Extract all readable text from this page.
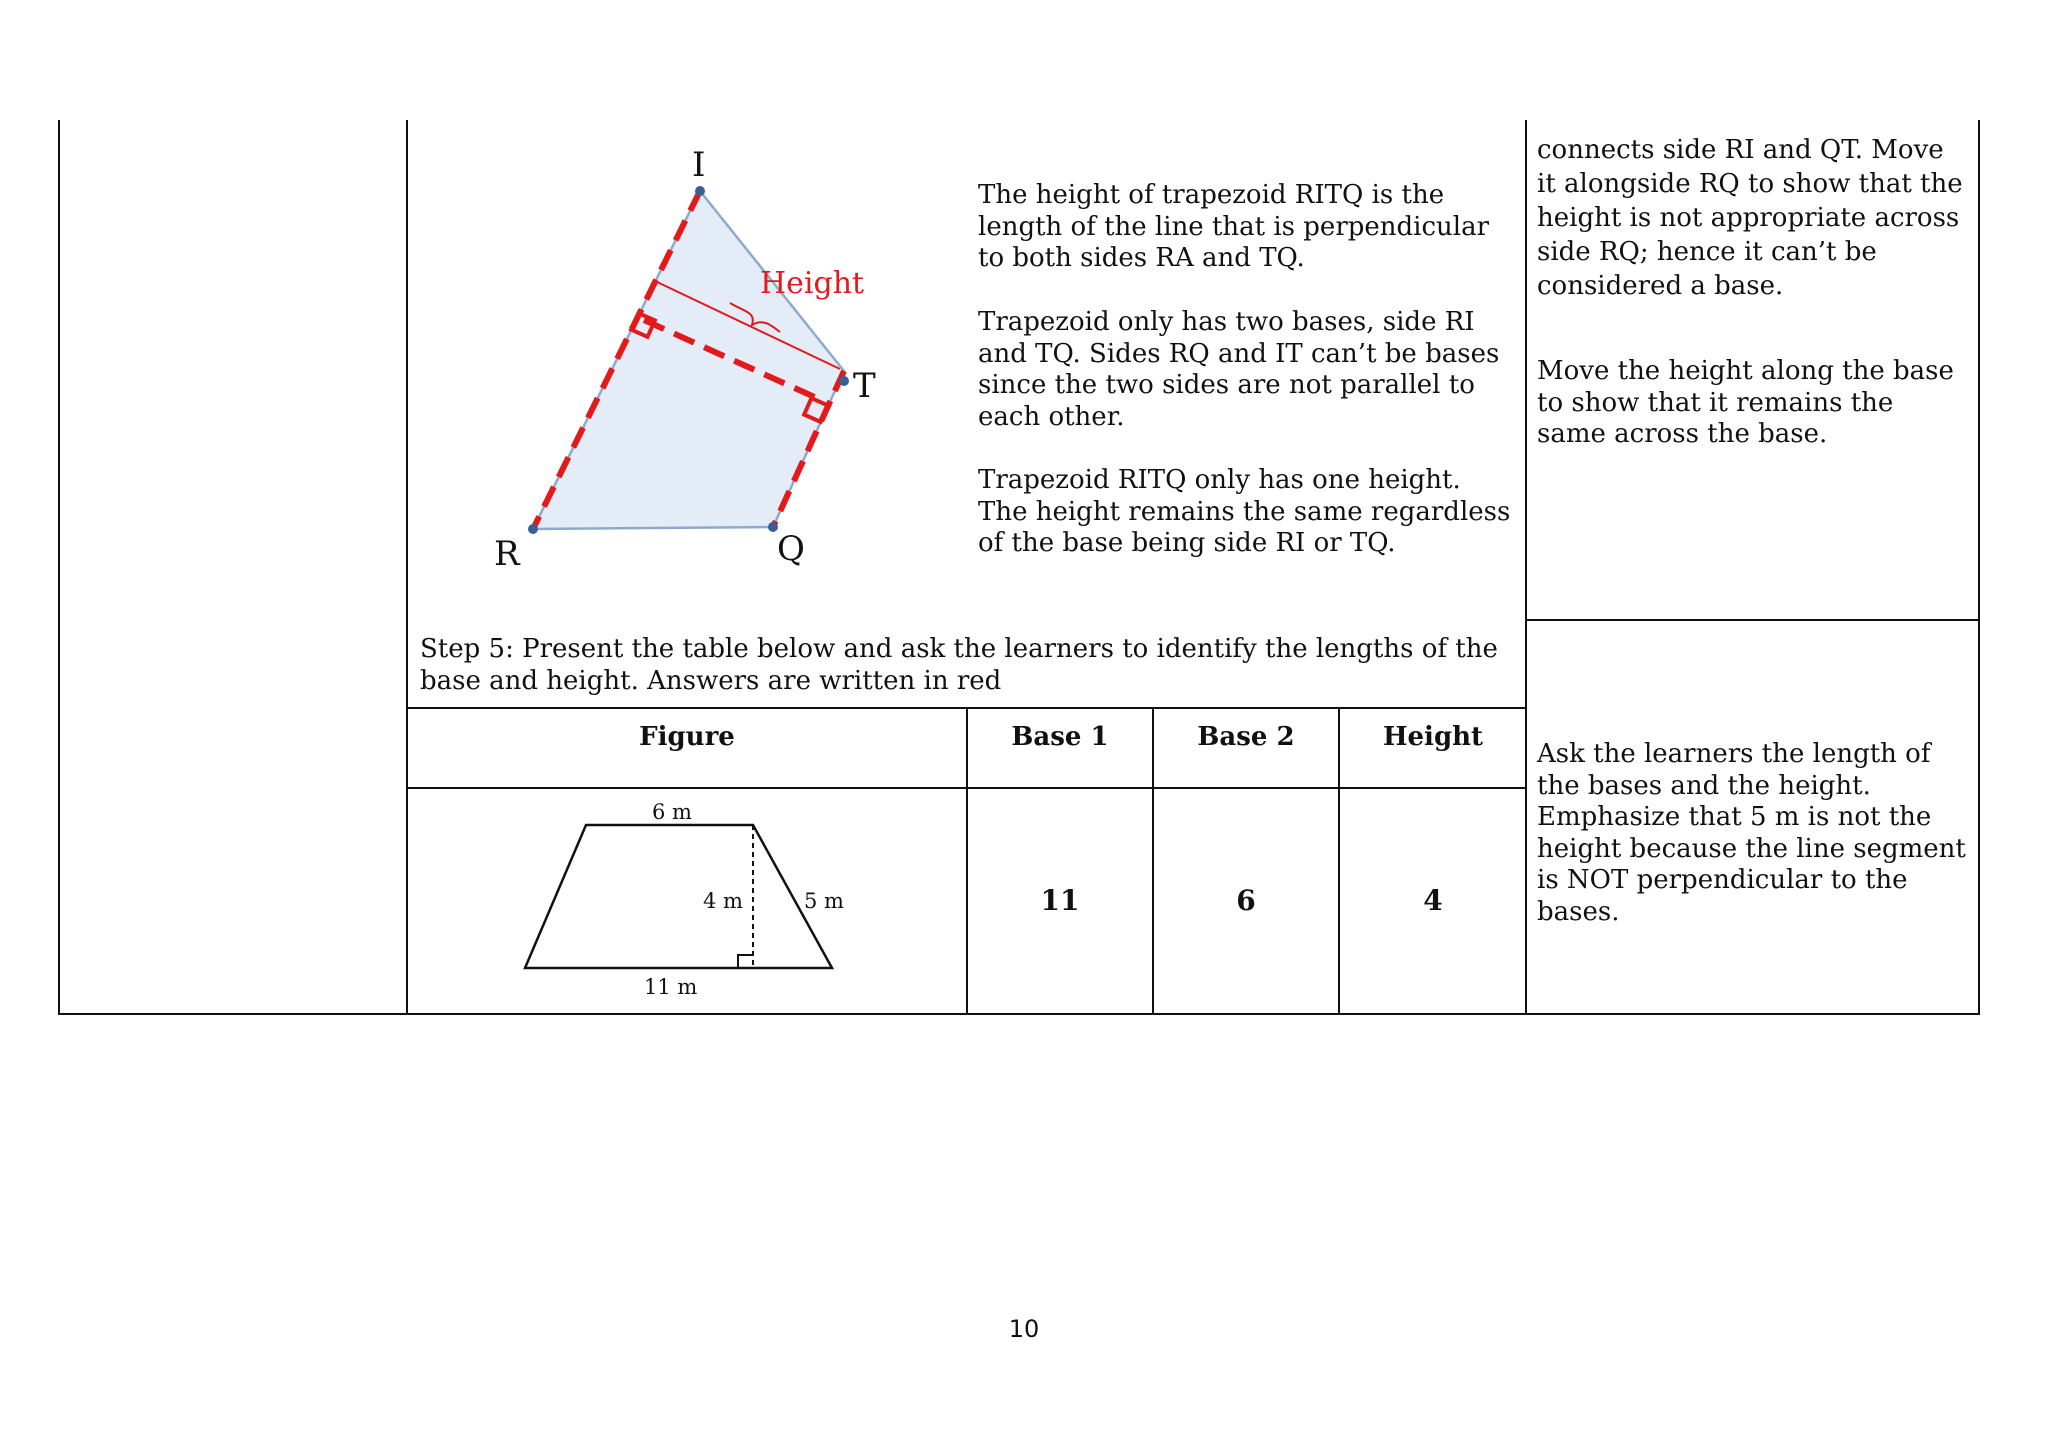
I
T
R	Q
Height
The height of trapezoid RITQ is the
length of the line that is perpendicular
to both sides RA and TQ.
Trapezoid only has two bases, side RI
and TQ. Sides RQ and IT can’t be bases
since the two sides are not parallel to
each other.
Trapezoid RITQ only has one height.
The height remains the same regardless
of the base being side RI or TQ.
connects side RI and QT. Move
it alongside RQ to show that the
height is not appropriate across
side RQ; hence it can’t be
considered a base.
Move the height along the base
to show that it remains the
same across the base.
Ask the learners the length of
the bases and the height.
Emphasize that 5 m is not the
height because the line segment
is NOT perpendicular to the
bases.
Step 5: Present the table below and ask the learners to identify the lengths of the
base and height. Answers are written in red
Figure	Base 1	Base 2	Height
6 m
4 m	5 m
11 m
11	6	4
10
